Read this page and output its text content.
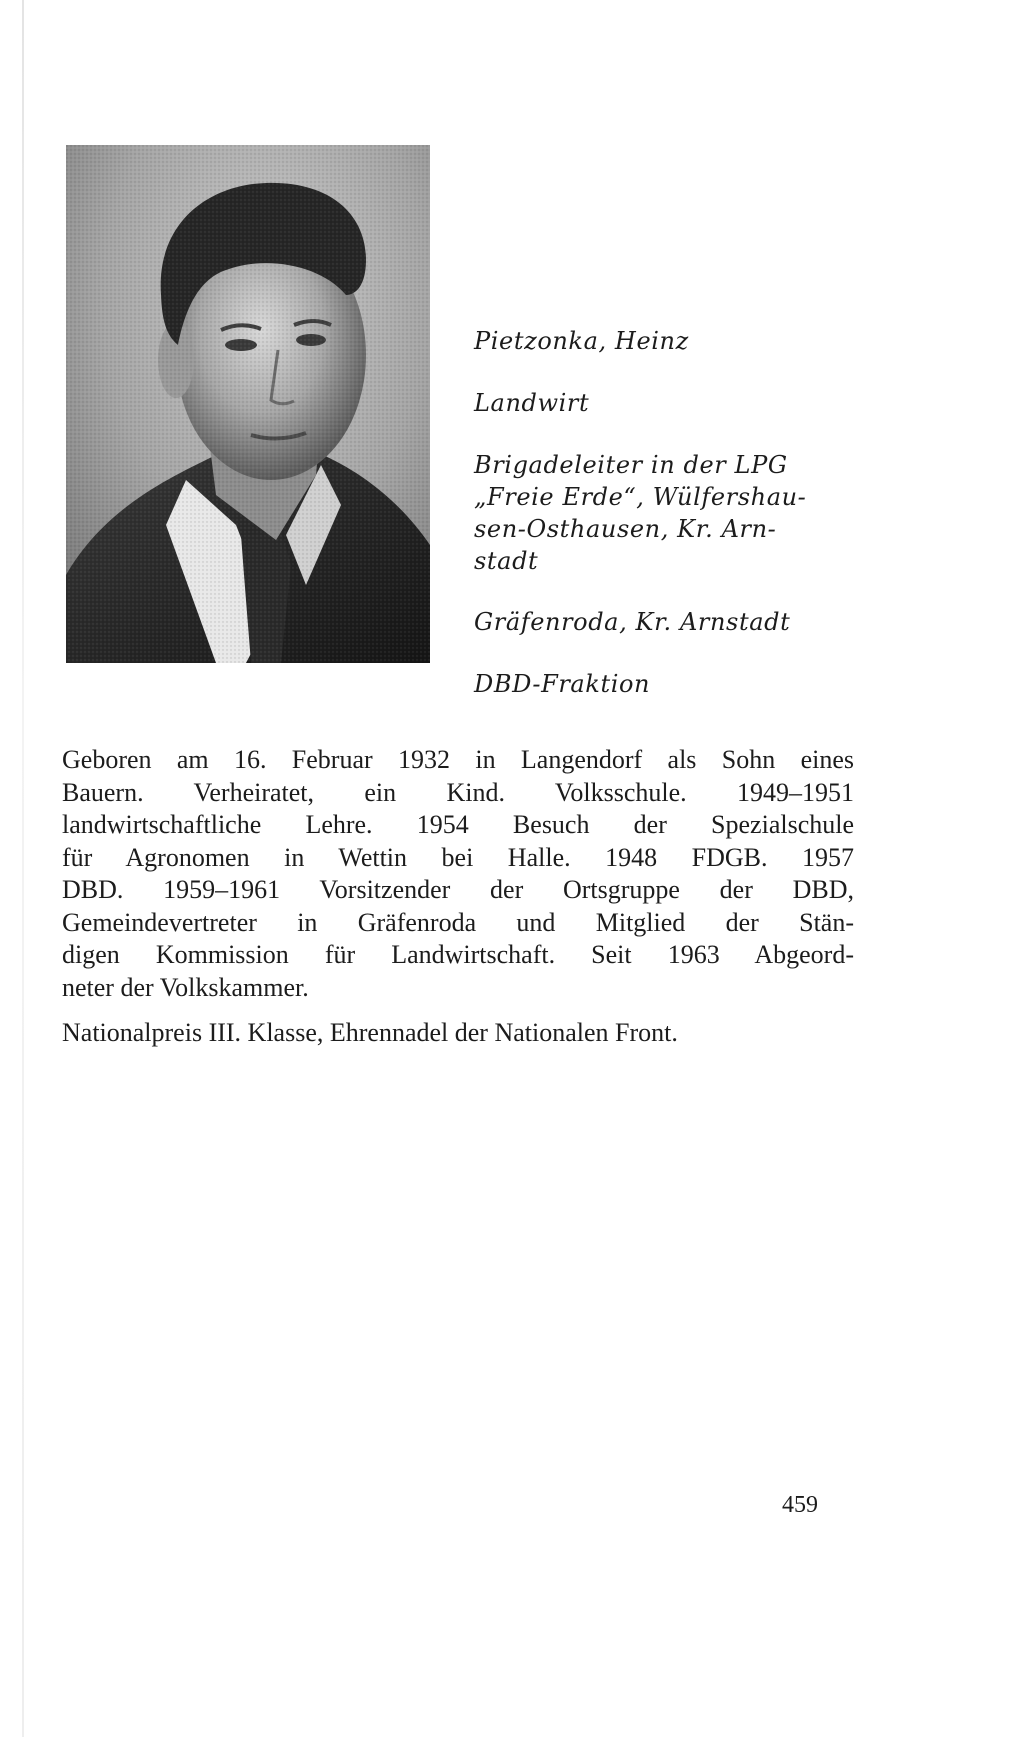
Pietzonka, Heinz
Landwirt
Brigadeleiter in der LPG
„Freie Erde“, Wülfershau-
sen-Osthausen, Kr. Arn-
stadt
Gräfenroda, Kr. Arnstadt
DBD-Fraktion
Geboren am 16. Februar 1932 in Langendorf als Sohn eines
Bauern. Verheiratet, ein Kind. Volksschule. 1949–1951
landwirtschaftliche Lehre. 1954 Besuch der Spezialschule
für Agronomen in Wettin bei Halle. 1948 FDGB. 1957
DBD. 1959–1961 Vorsitzender der Ortsgruppe der DBD,
Gemeindevertreter in Gräfenroda und Mitglied der Stän-
digen Kommission für Landwirtschaft. Seit 1963 Abgeord-
neter der Volkskammer.
Nationalpreis III. Klasse, Ehrennadel der Nationalen Front.
459
